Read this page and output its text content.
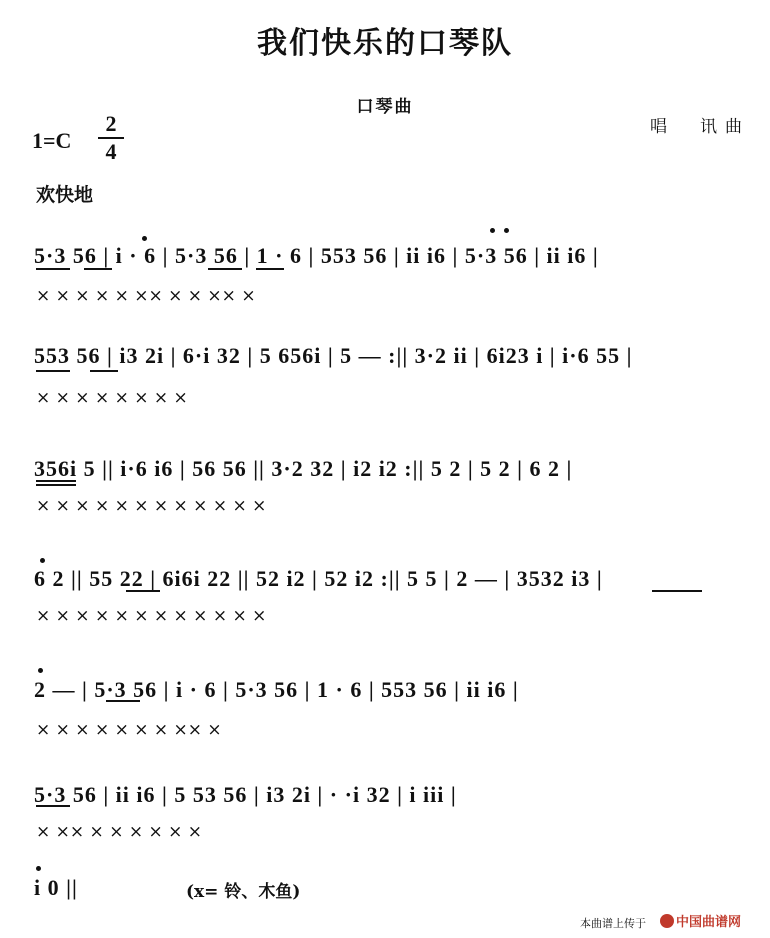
我们快乐的口琴队
口琴曲
唱　讯曲
1=C
2
4
欢快地
5·3 56 | i · 6 | 5·3 56 | 1 · 6 | 553 56 | ii i6 | 5·3 56 | ii i6 |
× × × × × ×× × × ×× ×
553 56 | i3 2i | 6·i 32 | 5 656i | 5 — :|| 3·2 ii | 6i23 i | i·6 55 |
× × × × × × × ×
356i 5 || i·6 i6 | 56 56 || 3·2 32 | i2 i2 :|| 5 2 | 5 2 | 6 2 |
× × × × × × × × × × × ×
6 2 || 55 22 | 6i6i 22 || 52 i2 | 52 i2 :|| 5 5 | 2 — | 3532 i3 |
× × × × × × × × × × × ×
2 — | 5·3 56 | i · 6 | 5·3 56 | 1 · 6 | 553 56 | ii i6 |
× × × × × × × ×× ×
5·3 56 | ii i6 | 5 53 56 | i3 2i | · ·i 32 | i iii |
× ×× × × × × × ×
i 0 ||	(x= 铃、木鱼)
本曲谱上传于	中国曲谱网
